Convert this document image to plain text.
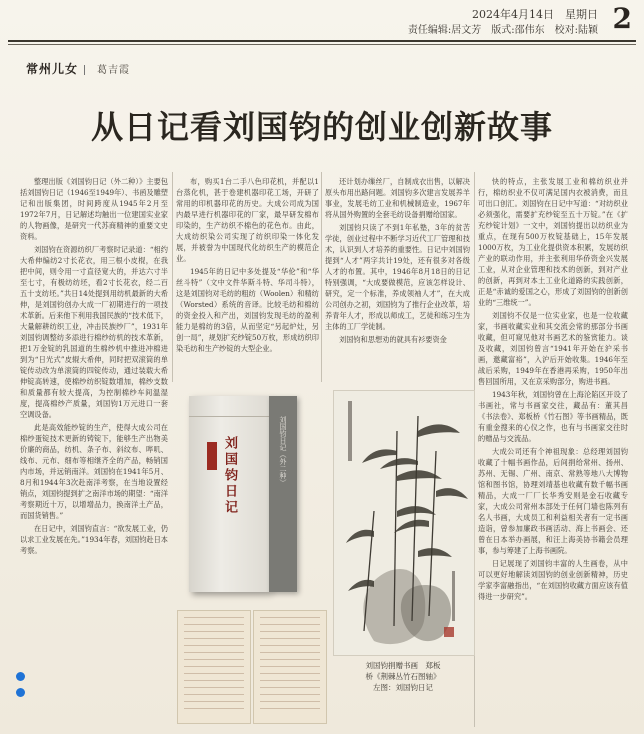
2024年4月14日　星期日
责任编辑:居文芳　版式:邵伟东　校对:陆颖 2
常州儿女 葛吉霞
从日记看刘国钧的创业创新故事

整理出版《刘国钧日记（外二种）》主要包括刘国钧日记（1946至1949年）、书函及雕塑记和出版集团，时间跨度从1945年2月至1972年7月，日记解述均触出一位建国实业家的人物画像，是研究一代苏商精神的重要文史资料。

刘国钧在资源纺织厂考察时记录道：“相约大希伸编纺2寸长花衣，用三根小皮棍，在我把中间，则令用一寸直径宽大的，并达六寸半至七寸，有极纺纺坯，看2寸长花衣，经二百五十支纺坯。”共日14处提到用纺机最新的大希伸，是刘国钧创办大成一厂初期进行的一项技术革新。后来他下利用我国民族的“技术低下，大量解耕纺织工业，冲击民族纱厂”，1931年刘国钧调整纺多添进行棉纱纺机的技术革新，把1万金锭的乳国道的生棉纱机中推进冲棉进到为“日光式”皮辊大希伸，同时把双滚筒的单锭传动改为单滚筒的四锭传动，通过装载大希伸锭高转速，使棉纱纺织锭数增加，棉纱支数和质量都有较大提高，为控制棉纱车间温湿度，提高棉纱产质量，刘国钧1万元进口一套空调设备。

此是高效能纱锭的生产，使得大成公司在棉纱蛋锭技术更新的铸锭下，能够生产出物美价廉的商品，纺机、条子布、斜纹布、哔叽、线布、元布、细布等相继齐全的产品，畅销国内市场，并远销南洋。刘国钧在1941年5月、8月和1944年3次赴南洋考察，在当地设置经销点，刘国钧提到扩之南洋市场的期望：“南洋考察期近十万，以增增品力，换南洋土产品，而国货销售。”

在日记中，刘国钧直言：“欲发展工业，仍以求工业发展在先。”1934年春，刘国钧赴日本考察。

布，购买1台二手八色印花机，并配以1台蒸化机，甚于卷建机器印花工场，开研了常用的印机器印花的历史。大成公司成为国内最早进行机器印花的厂家，最早研发棉布印染的，生产纺织不棉色的花色布。由此，大成纺织染公司实现了纺织印染一体化发展，并被誉为中国现代化纺织生产的模范企业。

1945年的日记中多处提及“华伦”和“华丝斗特”（文中文件华斯斗特、华司斗特），这是刘国钧对毛纺的粗纺（Woolen）和精纺（Worsted）系统的音译。比较毛纺和棉纺的资金投入和产出，刘国钧发现毛纺的盈利能力是棉纺的3倍，从而坚定“另起炉灶，另创一局”，规划扩充纱锭50万枚，形成纺织印染毛纺和生产纱锭的大型企业。

还计划办缫丝厂，自制成衣出售，以解决原头布用出路问题。刘国钧多次建言发展养羊事业，发展毛纺工业和机械制造业，1967年将从国外购置的全套毛纺设备捐赠给国家。

刘国钧只读了不到1年私塾，3年的贫苦学徒，创业过程中不断学习近代工厂管理和技术，认识到人才培养的重要性。日记中刘国钧提到“人才”两字共计19处，还有很多对各级人才的布置。其中，1946年8月18日的日记特别强调，“大成要做模范，应该怎样设计、研究，定一个标准，养成领袖人才”，在大成公司创办之初，刘国钧为了推行企业改革，培养青年人才，形成以师成工，艺徒和练习生为主体的工厂学徒制。

刘国钧和思想劝的就具有衫要资金

快的特点，主张发展工业和棉纺织业并行，棉纺织业不仅可满足国内衣被消费，而且可出口创汇。刘国钧在日记中写道：“对纺织业必须强化，需要扩充纱锭至五十万锭。”在《扩充纱锭计划》一文中，刘国钧提出以纺织业为重点，在现有500万枚锭基础上，15年发展1000万枚，为工业化提供资本积累，发展纺织产业的联动作用，并主张利用华侨资金兴发展工业，从对企业管理和技术的创新，到对产业的创新，再到对本土工业化道路的实践创新，正是“赤诚的爱国之心，形成了刘国钧的创新创业的“三维统一”。

刘国钧不仅是一位实业家，也是一位收藏家，书画收藏实业和其交流会常的那部分书画收藏，但可窥见他对书画艺术的鉴赏能力。谈及收藏，刘国钧曾言“1941年开始在沪采书画，邀藏富裕”，入沪后开始收集。1946年至战后采购，1949年在香港再采购，1950年出售回国所用，又在京采购部分，购进书画。

1943年秋，刘国钧曾在上海沦陷区开设了书画社，常与书画家交往，藏品有：董其昌《书法卷》、郑板桥《竹石图》等书画精品，既有重金搜来的心仪之作，也有与书画家交往时的赠品与交流品。

大成公司还有个神祖现象：总经理刘国钧收藏了十幅书画作品，后间捐给常州、扬州、苏州、无锡、广州、南京、常熟等地八大博物馆和图书馆，协理刘靖基也收藏有数千幅书画精品，大成一厂厂长华秀安则是金石收藏专家，大成公司常州本部处于任何门墙也陈列有名人书画，大成员工和利益相关者有一定书画造诣，曾参加廉政书画活动、海上书画会、还曾在日本举办画展，和汪上海美协书籍会员理事，参与筹建了上海书画院。

日记展现了刘国钧丰富的人生画卷，从中可以更好地解读刘国钧的创业创新精神，历史学家李富融指出，“在刘国钧收藏方面应该有值得进一步研究”。

刘国钧日记	刘国钧日记（外二种）
刘国钧捐赠书画　郑板
桥《荆棘丛竹石图轴》
左图：刘国钧日记
